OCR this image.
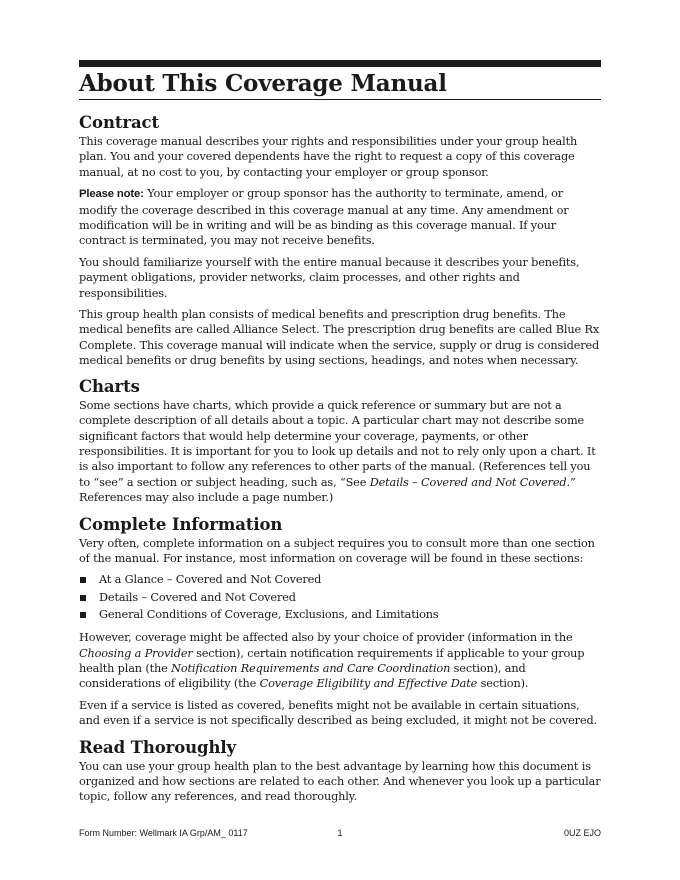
About This Coverage Manual
Contract

This coverage manual describes your rights and responsibilities under your group health plan. You and your covered dependents have the right to request a copy of this coverage manual, at no cost to you, by contacting your employer or group sponsor.

Please note: Your employer or group sponsor has the authority to terminate, amend, or modify the coverage described in this coverage manual at any time. Any amendment or modification will be in writing and will be as binding as this coverage manual. If your contract is terminated, you may not receive benefits.

You should familiarize yourself with the entire manual because it describes your benefits, payment obligations, provider networks, claim processes, and other rights and responsibilities.

This group health plan consists of medical benefits and prescription drug benefits. The medical benefits are called Alliance Select. The prescription drug benefits are called Blue Rx Complete. This coverage manual will indicate when the service, supply or drug is considered medical benefits or drug benefits by using sections, headings, and notes when necessary.

Charts

Some sections have charts, which provide a quick reference or summary but are not a complete description of all details about a topic. A particular chart may not describe some significant factors that would help determine your coverage, payments, or other responsibilities. It is important for you to look up details and not to rely only upon a chart. It is also important to follow any references to other parts of the manual. (References tell you to “see” a section or subject heading, such as, “See Details – Covered and Not Covered.” References may also include a page number.)

Complete Information

Very often, complete information on a subject requires you to consult more than one section of the manual. For instance, most information on coverage will be found in these sections:

At a Glance – Covered and Not Covered
Details – Covered and Not Covered
General Conditions of Coverage, Exclusions, and Limitations

However, coverage might be affected also by your choice of provider (information in the Choosing a Provider section), certain notification requirements if applicable to your group health plan (the Notification Requirements and Care Coordination section), and considerations of eligibility (the Coverage Eligibility and Effective Date section).

Even if a service is listed as covered, benefits might not be available in certain situations, and even if a service is not specifically described as being excluded, it might not be covered.

Read Thoroughly

You can use your group health plan to the best advantage by learning how this document is organized and how sections are related to each other. And whenever you look up a particular topic, follow any references, and read thoroughly.

Form Number: Wellmark IA Grp/AM_ 0117	1	0UZ EJO
